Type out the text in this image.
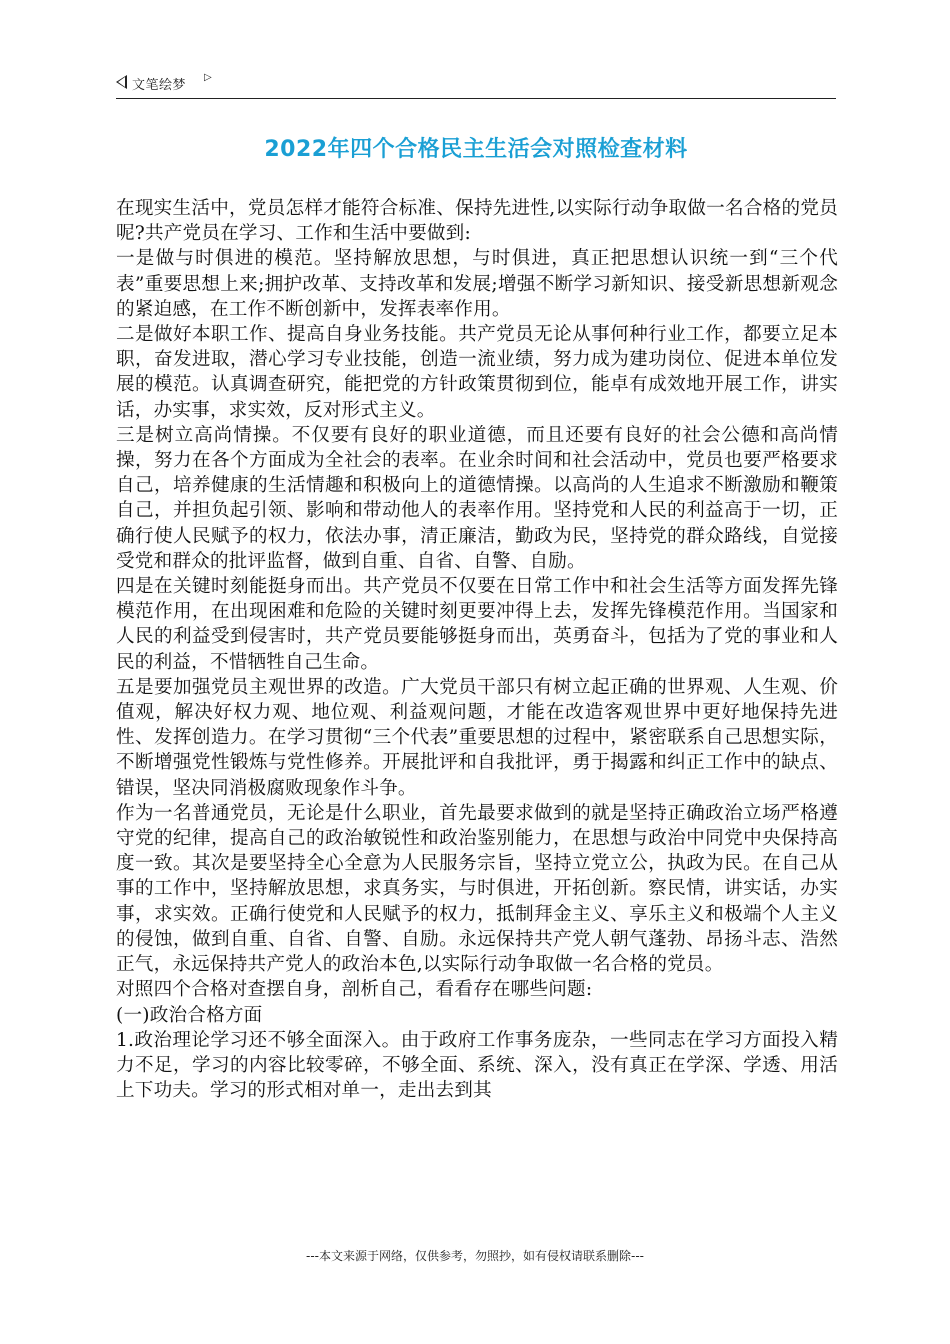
文笔绘梦
▷
2022年四个合格民主生活会对照检查材料

在现实生活中，党员怎样才能符合标准、保持先进性,以实际行动争取做一名合格的党员呢?共产党员在学习、工作和生活中要做到:

一是做与时俱进的模范。坚持解放思想，与时俱进，真正把思想认识统一到“三个代表”重要思想上来;拥护改革、支持改革和发展;增强不断学习新知识、接受新思想新观念的紧迫感，在工作不断创新中，发挥表率作用。

二是做好本职工作、提高自身业务技能。共产党员无论从事何种行业工作，都要立足本职，奋发进取，潜心学习专业技能，创造一流业绩，努力成为建功岗位、促进本单位发展的模范。认真调查研究，能把党的方针政策贯彻到位，能卓有成效地开展工作，讲实话，办实事，求实效，反对形式主义。

三是树立高尚情操。不仅要有良好的职业道德，而且还要有良好的社会公德和高尚情操，努力在各个方面成为全社会的表率。在业余时间和社会活动中，党员也要严格要求自己，培养健康的生活情趣和积极向上的道德情操。以高尚的人生追求不断激励和鞭策自己，并担负起引领、影响和带动他人的表率作用。坚持党和人民的利益高于一切，正确行使人民赋予的权力，依法办事，清正廉洁，勤政为民，坚持党的群众路线，自觉接受党和群众的批评监督，做到自重、自省、自警、自励。

四是在关键时刻能挺身而出。共产党员不仅要在日常工作中和社会生活等方面发挥先锋模范作用，在出现困难和危险的关键时刻更要冲得上去，发挥先锋模范作用。当国家和人民的利益受到侵害时，共产党员要能够挺身而出，英勇奋斗，包括为了党的事业和人民的利益，不惜牺牲自己生命。

五是要加强党员主观世界的改造。广大党员干部只有树立起正确的世界观、人生观、价值观，解决好权力观、地位观、利益观问题，才能在改造客观世界中更好地保持先进性、发挥创造力。在学习贯彻“三个代表”重要思想的过程中，紧密联系自己思想实际，不断增强党性锻炼与党性修养。开展批评和自我批评，勇于揭露和纠正工作中的缺点、错误，坚决同消极腐败现象作斗争。

作为一名普通党员，无论是什么职业，首先最要求做到的就是坚持正确政治立场严格遵守党的纪律，提高自己的政治敏锐性和政治鉴别能力，在思想与政治中同党中央保持高度一致。其次是要坚持全心全意为人民服务宗旨，坚持立党立公，执政为民。在自己从事的工作中，坚持解放思想，求真务实，与时俱进，开拓创新。察民情，讲实话，办实事，求实效。正确行使党和人民赋予的权力，抵制拜金主义、享乐主义和极端个人主义的侵蚀，做到自重、自省、自警、自励。永远保持共产党人朝气蓬勃、昂扬斗志、浩然正气，永远保持共产党人的政治本色,以实际行动争取做一名合格的党员。

对照四个合格对查摆自身，剖析自己，看看存在哪些问题:

(一)政治合格方面

1.政治理论学习还不够全面深入。由于政府工作事务庞杂，一些同志在学习方面投入精力不足，学习的内容比较零碎，不够全面、系统、深入，没有真正在学深、学透、用活上下功夫。学习的形式相对单一，走出去到其

---本文来源于网络，仅供参考，勿照抄，如有侵权请联系删除---
